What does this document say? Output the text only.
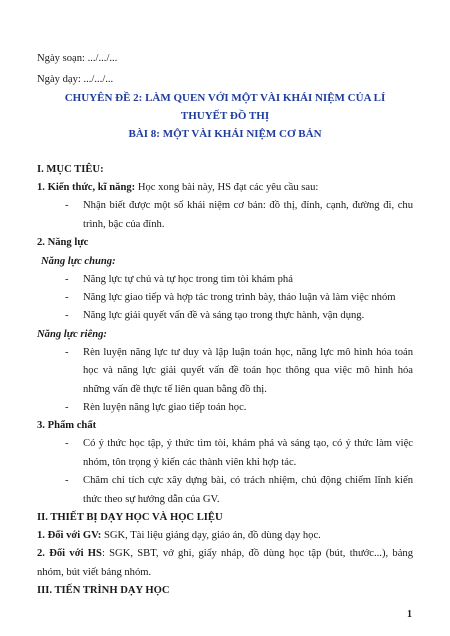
Ngày soạn: .../.../...
Ngày dạy: .../.../...
CHUYÊN ĐỀ 2: LÀM QUEN VỚI MỘT VÀI KHÁI NIỆM CỦA LÍ
THUYẾT ĐỒ THỊ
BÀI 8: MỘT VÀI KHÁI NIỆM CƠ BẢN
I. MỤC TIÊU:
1. Kiến thức, kĩ năng: Học xong bài này, HS đạt các yêu cầu sau:
- Nhận biết được một số khái niệm cơ bản: đồ thị, đỉnh, cạnh, đường đi, chu
trình, bậc của đỉnh.
2. Năng lực
Năng lực chung:
- Năng lực tự chủ và tự học trong tìm tòi khám phá
- Năng lực giao tiếp và hợp tác trong trình bày, thảo luận và làm việc nhóm
- Năng lực giải quyết vấn đề và sáng tạo trong thực hành, vận dụng.
Năng lực riêng:
- Rèn luyện năng lực tư duy và lập luận toán học, năng lực mô hình hóa toán
học và năng lực giải quyết vấn đề toán học thông qua việc mô hình hóa
những vấn đề thực tế liên quan bằng đồ thị.
- Rèn luyện năng lực giao tiếp toán học.
3. Phẩm chất
- Có ý thức học tập, ý thức tìm tòi, khám phá và sáng tạo, có ý thức làm việc
nhóm, tôn trọng ý kiến các thành viên khi hợp tác.
- Chăm chỉ tích cực xây dựng bài, có trách nhiệm, chủ động chiếm lĩnh kiến
thức theo sự hướng dẫn của GV.
II. THIẾT BỊ DẠY HỌC VÀ HỌC LIỆU
1. Đối với GV: SGK, Tài liệu giảng dạy, giáo án, đồ dùng dạy học.
2. Đối với HS: SGK, SBT, vở ghi, giấy nháp, đồ dùng học tập (bút, thước...), bảng
nhóm, bút viết bảng nhóm.
III. TIẾN TRÌNH DẠY HỌC
1
